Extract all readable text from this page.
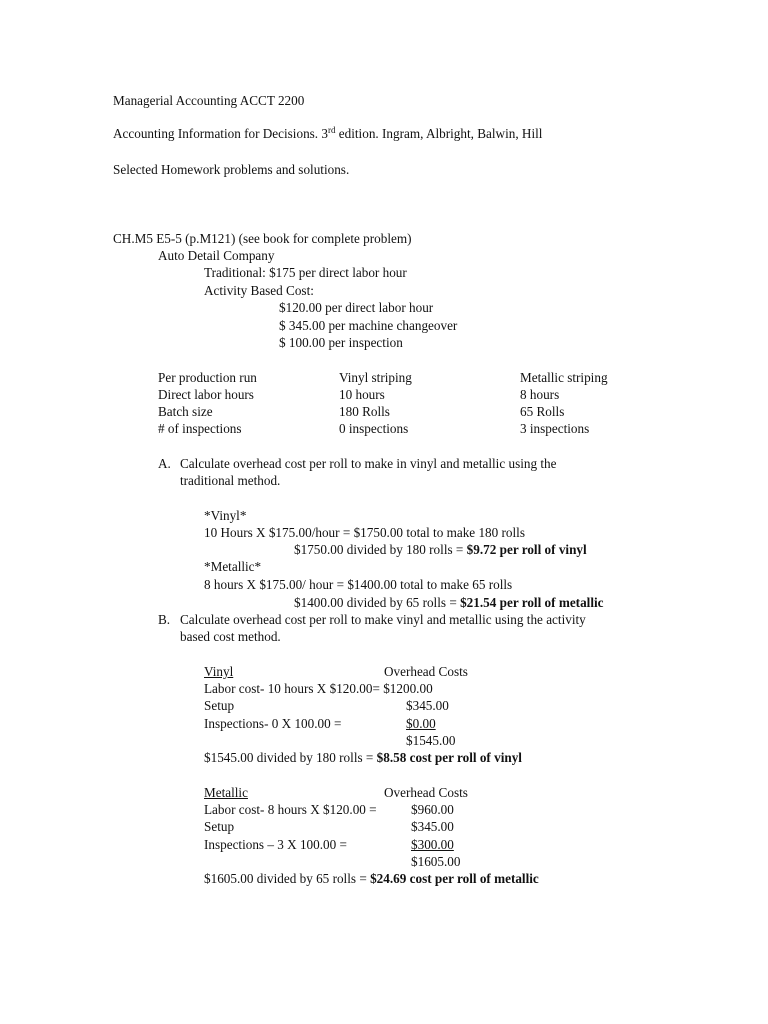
Managerial Accounting ACCT 2200
Accounting Information for Decisions. 3rd edition. Ingram, Albright, Balwin, Hill
Selected Homework problems and solutions.
CH.M5 E5-5 (p.M121) (see book for complete problem)
Auto Detail Company
Traditional: $175 per direct labor hour
Activity Based Cost:
$120.00 per direct labor hour
$ 345.00 per machine changeover
$ 100.00 per inspection
Per production run	Vinyl striping	Metallic striping
Direct labor hours	10 hours	8 hours
Batch size	180 Rolls	65 Rolls
# of inspections	0 inspections	3 inspections
A. Calculate overhead cost per roll to make in vinyl and metallic using the
traditional method.
*Vinyl*
10 Hours X $175.00/hour = $1750.00 total to make 180 rolls
$1750.00 divided by 180 rolls = $9.72 per roll of vinyl
*Metallic*
8 hours X $175.00/ hour = $1400.00 total to make 65 rolls
$1400.00 divided by 65 rolls = $21.54 per roll of metallic
B. Calculate overhead cost per roll to make vinyl and metallic using the activity
based cost method.
Vinyl	Overhead Costs
Labor cost- 10 hours X $120.00= $1200.00
Setup	$345.00
Inspections- 0 X 100.00 =	$0.00
$1545.00
$1545.00 divided by 180 rolls = $8.58 cost per roll of vinyl
Metallic	Overhead Costs
Labor cost- 8 hours X $120.00 =	$960.00
Setup	$345.00
Inspections – 3 X 100.00 =	$300.00
$1605.00
$1605.00 divided by 65 rolls = $24.69 cost per roll of metallic
